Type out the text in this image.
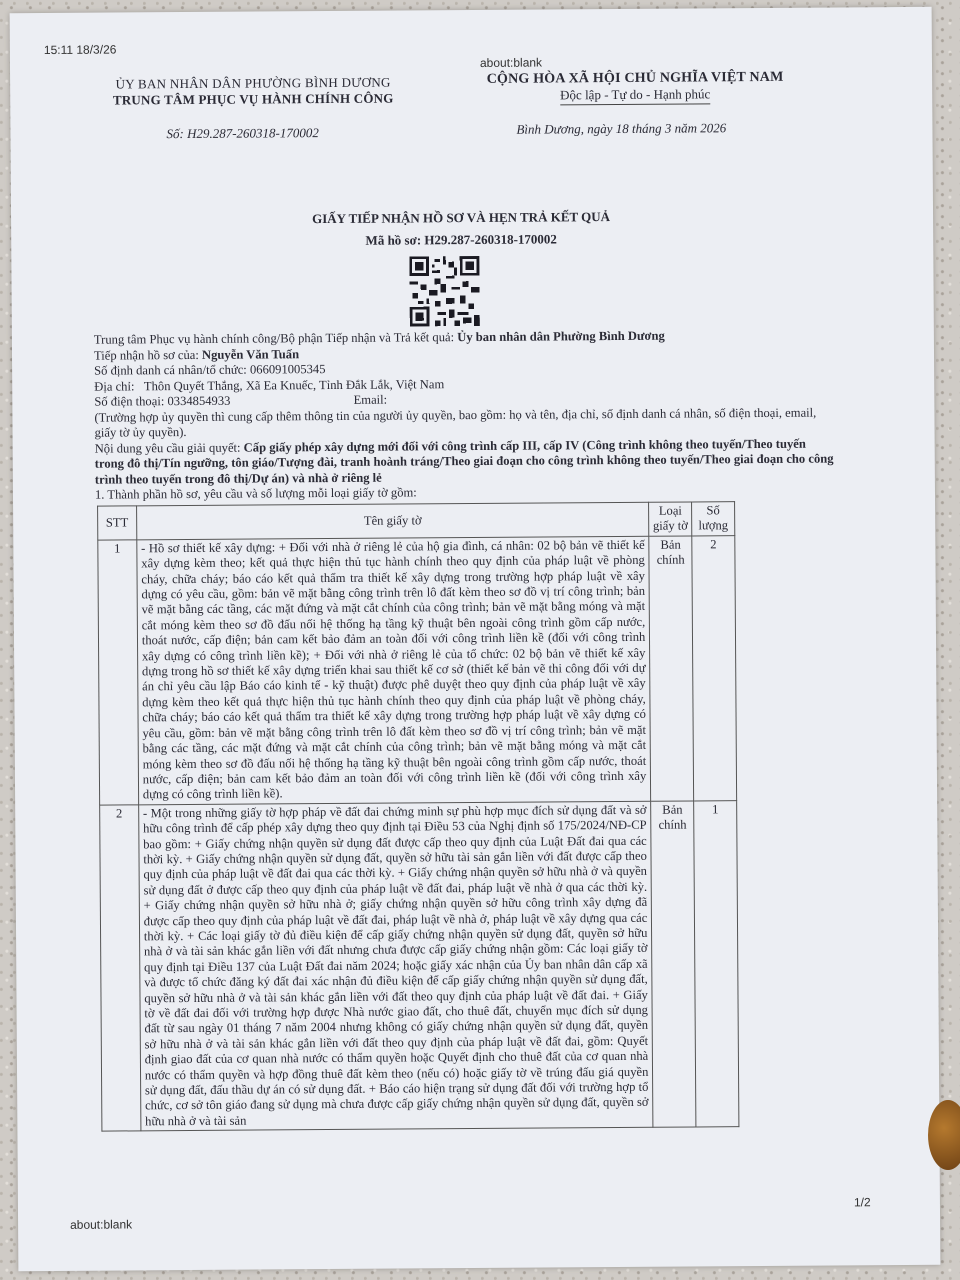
15:11 18/3/26
about:blank
ỦY BAN NHÂN DÂN PHƯỜNG BÌNH DƯƠNG
TRUNG TÂM PHỤC VỤ HÀNH CHÍNH CÔNG
CỘNG HÒA XÃ HỘI CHỦ NGHĨA VIỆT NAM
Độc lập - Tự do - Hạnh phúc
Số: H29.287-260318-170002	Bình Dương, ngày 18 tháng 3 năm 2026
GIẤY TIẾP NHẬN HỒ SƠ VÀ HẸN TRẢ KẾT QUẢ
Mã hồ sơ: H29.287-260318-170002
Trung tâm Phục vụ hành chính công/Bộ phận Tiếp nhận và Trả kết quả: Ủy ban nhân dân Phường Bình Dương
Tiếp nhận hồ sơ của: Nguyễn Văn Tuấn
Số định danh cá nhân/tổ chức: 066091005345
Địa chỉ:   Thôn Quyết Thắng, Xã Ea Knuếc, Tỉnh Đắk Lắk, Việt Nam
Số điện thoại: 0334854933	Email:
(Trường hợp ủy quyền thì cung cấp thêm thông tin của người ủy quyền, bao gồm: họ và tên, địa chỉ, số định danh cá nhân, số điện thoại, email, giấy tờ ủy quyền).
Nội dung yêu cầu giải quyết: Cấp giấy phép xây dựng mới đối với công trình cấp III, cấp IV (Công trình không theo tuyến/Theo tuyến trong đô thị/Tín ngưỡng, tôn giáo/Tượng đài, tranh hoành tráng/Theo giai đoạn cho công trình không theo tuyến/Theo giai đoạn cho công trình theo tuyến trong đô thị/Dự án) và nhà ở riêng lẻ
1. Thành phần hồ sơ, yêu cầu và số lượng mỗi loại giấy tờ gồm:
STT	Tên giấy tờ	Loại giấy tờ	Số lượng
1	- Hồ sơ thiết kế xây dựng: + Đối với nhà ở riêng lẻ của hộ gia đình, cá nhân: 02 bộ bản vẽ thiết kế xây dựng kèm theo; kết quả thực hiện thủ tục hành chính theo quy định của pháp luật về phòng cháy, chữa cháy; báo cáo kết quả thẩm tra thiết kế xây dựng trong trường hợp pháp luật về xây dựng có yêu cầu, gồm: bản vẽ mặt bằng công trình trên lô đất kèm theo sơ đồ vị trí công trình; bản vẽ mặt bằng các tầng, các mặt đứng và mặt cắt chính của công trình; bản vẽ mặt bằng móng và mặt cắt móng kèm theo sơ đồ đấu nối hệ thống hạ tầng kỹ thuật bên ngoài công trình gồm cấp nước, thoát nước, cấp điện; bản cam kết bảo đảm an toàn đối với công trình liền kề (đối với công trình xây dựng có công trình liền kề); + Đối với nhà ở riêng lẻ của tổ chức: 02 bộ bản vẽ thiết kế xây dựng trong hồ sơ thiết kế xây dựng triển khai sau thiết kế cơ sở (thiết kế bản vẽ thi công đối với dự án chỉ yêu cầu lập Báo cáo kinh tế - kỹ thuật) được phê duyệt theo quy định của pháp luật về xây dựng kèm theo kết quả thực hiện thủ tục hành chính theo quy định của pháp luật về phòng cháy, chữa cháy; báo cáo kết quả thẩm tra thiết kế xây dựng trong trường hợp pháp luật về xây dựng có yêu cầu, gồm: bản vẽ mặt bằng công trình trên lô đất kèm theo sơ đồ vị trí công trình; bản vẽ mặt bằng các tầng, các mặt đứng và mặt cắt chính của công trình; bản vẽ mặt bằng móng và mặt cắt móng kèm theo sơ đồ đấu nối hệ thống hạ tầng kỹ thuật bên ngoài công trình gồm cấp nước, thoát nước, cấp điện; bản cam kết bảo đảm an toàn đối với công trình liền kề (đối với công trình xây dựng có công trình liền kề).	Bản chính	2
2	- Một trong những giấy tờ hợp pháp về đất đai chứng minh sự phù hợp mục đích sử dụng đất và sở hữu công trình để cấp phép xây dựng theo quy định tại Điều 53 của Nghị định số 175/2024/NĐ-CP bao gồm: + Giấy chứng nhận quyền sử dụng đất được cấp theo quy định của Luật Đất đai qua các thời kỳ. + Giấy chứng nhận quyền sử dụng đất, quyền sở hữu tài sản gắn liền với đất được cấp theo quy định của pháp luật về đất đai qua các thời kỳ. + Giấy chứng nhận quyền sở hữu nhà ở và quyền sử dụng đất ở được cấp theo quy định của pháp luật về đất đai, pháp luật về nhà ở qua các thời kỳ. + Giấy chứng nhận quyền sở hữu nhà ở; giấy chứng nhận quyền sở hữu công trình xây dựng đã được cấp theo quy định của pháp luật về đất đai, pháp luật về nhà ở, pháp luật về xây dựng qua các thời kỳ. + Các loại giấy tờ đủ điều kiện để cấp giấy chứng nhận quyền sử dụng đất, quyền sở hữu nhà ở và tài sản khác gắn liền với đất nhưng chưa được cấp giấy chứng nhận gồm: Các loại giấy tờ quy định tại Điều 137 của Luật Đất đai năm 2024; hoặc giấy xác nhận của Ủy ban nhân dân cấp xã và được tổ chức đăng ký đất đai xác nhận đủ điều kiện để cấp giấy chứng nhận quyền sử dụng đất, quyền sở hữu nhà ở và tài sản khác gắn liền với đất theo quy định của pháp luật về đất đai. + Giấy tờ về đất đai đối với trường hợp được Nhà nước giao đất, cho thuê đất, chuyển mục đích sử dụng đất từ sau ngày 01 tháng 7 năm 2004 nhưng không có giấy chứng nhận quyền sử dụng đất, quyền sở hữu nhà ở và tài sản khác gắn liền với đất theo quy định của pháp luật về đất đai, gồm: Quyết định giao đất của cơ quan nhà nước có thẩm quyền hoặc Quyết định cho thuê đất của cơ quan nhà nước có thẩm quyền và hợp đồng thuê đất kèm theo (nếu có) hoặc giấy tờ về trúng đấu giá quyền sử dụng đất, đấu thầu dự án có sử dụng đất. + Báo cáo hiện trạng sử dụng đất đối với trường hợp tổ chức, cơ sở tôn giáo đang sử dụng mà chưa được cấp giấy chứng nhận quyền sử dụng đất, quyền sở hữu nhà ở và tài sản	Bản chính	1
1/2
about:blank
